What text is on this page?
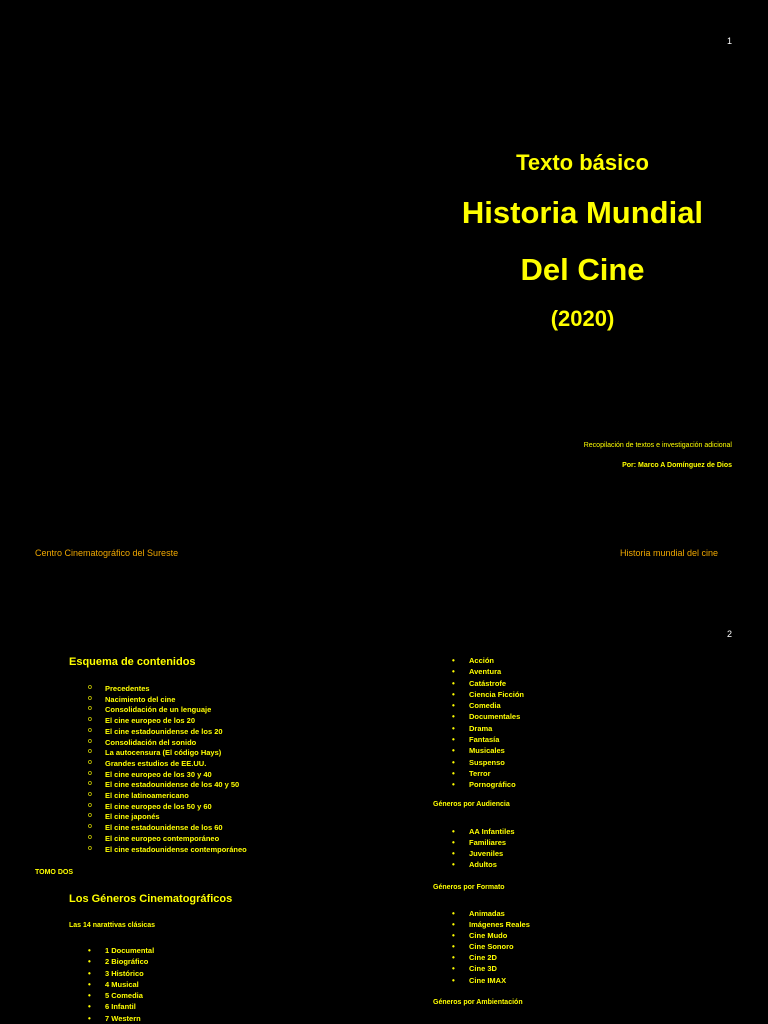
1
Texto básico
Historia Mundial
Del Cine
(2020)
Recopilación de textos e investigación adicional
Por: Marco A Domínguez de Dios
Centro Cinematográfico del Sureste	Historia mundial del cine
2
Esquema de contenidos
o Precedentes
o Nacimiento del cine
o Consolidación de un lenguaje
o El cine europeo de los 20
o El cine estadounidense de los 20
o Consolidación del sonido
o La autocensura (El código Hays)
o Grandes estudios de EE.UU.
o El cine europeo de los 30 y 40
o El cine estadounidense de los 40 y 50
o El cine latinoamericano
o El cine europeo de los 50 y 60
o El cine japonés
o El cine estadounidense de los 60
o El cine europeo contemporáneo
o El cine estadounidense contemporáneo
TOMO DOS
Los Géneros Cinematográficos
Las 14 narattivas clásicas
• 1 Documental
• 2 Biográfico
• 3 Histórico
• 4 Musical
• 5 Comedia
• 6 Infantil
• 7 Western
• Acción
• Aventura
• Catástrofe
• Ciencia Ficción
• Comedia
• Documentales
• Drama
• Fantasía
• Musicales
• Suspenso
• Terror
• Pornográfico
Géneros por Audiencia
• AA Infantiles
• Familiares
• Juveniles
• Adultos
Géneros por Formato
• Animadas
• Imágenes Reales
• Cine Mudo
• Cine Sonoro
• Cine 2D
• Cine 3D
• Cine IMAX
Géneros por Ambientación
